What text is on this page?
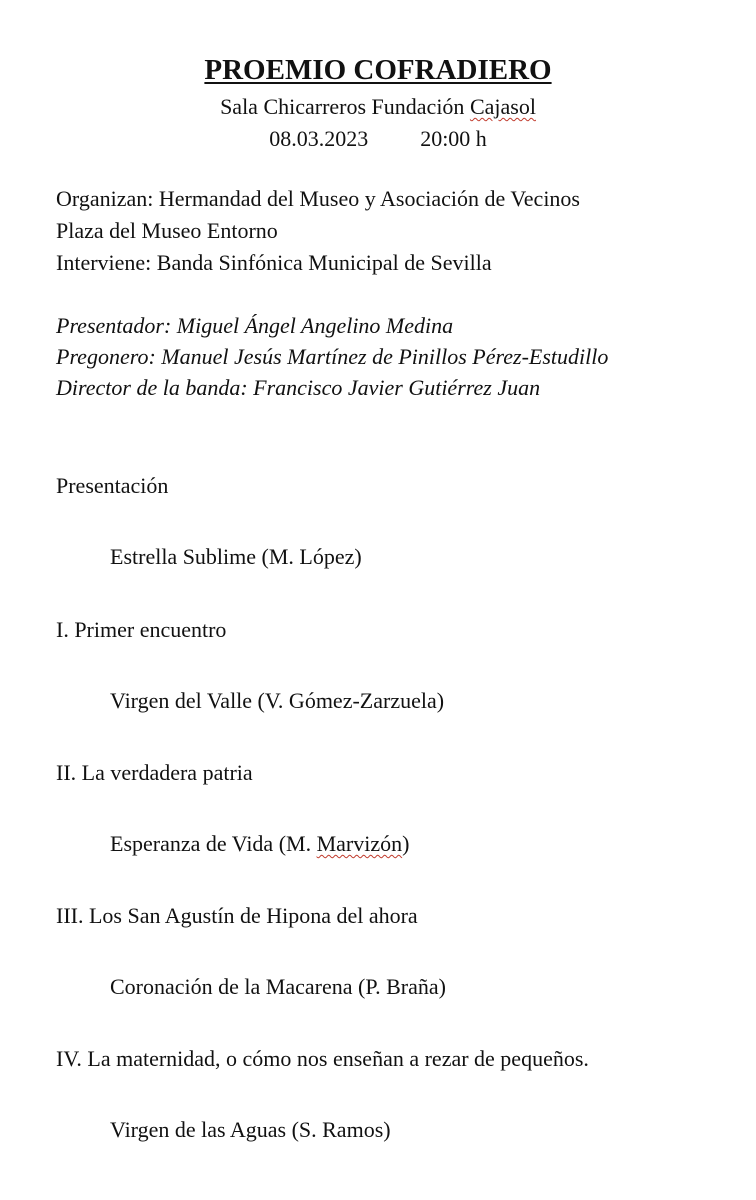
PROEMIO COFRADIERO
Sala Chicarreros Fundación Cajasol
08.03.2023 20:00 h
Organizan: Hermandad del Museo y Asociación de Vecinos
Plaza del Museo Entorno
Interviene: Banda Sinfónica Municipal de Sevilla
Presentador: Miguel Ángel Angelino Medina
Pregonero: Manuel Jesús Martínez de Pinillos Pérez-Estudillo
Director de la banda: Francisco Javier Gutiérrez Juan
Presentación
Estrella Sublime (M. López)
I. Primer encuentro
Virgen del Valle (V. Gómez-Zarzuela)
II. La verdadera patria
Esperanza de Vida (M. Marvizón)
III. Los San Agustín de Hipona del ahora
Coronación de la Macarena (P. Braña)
IV. La maternidad, o cómo nos enseñan a rezar de pequeños.
Virgen de las Aguas (S. Ramos)
